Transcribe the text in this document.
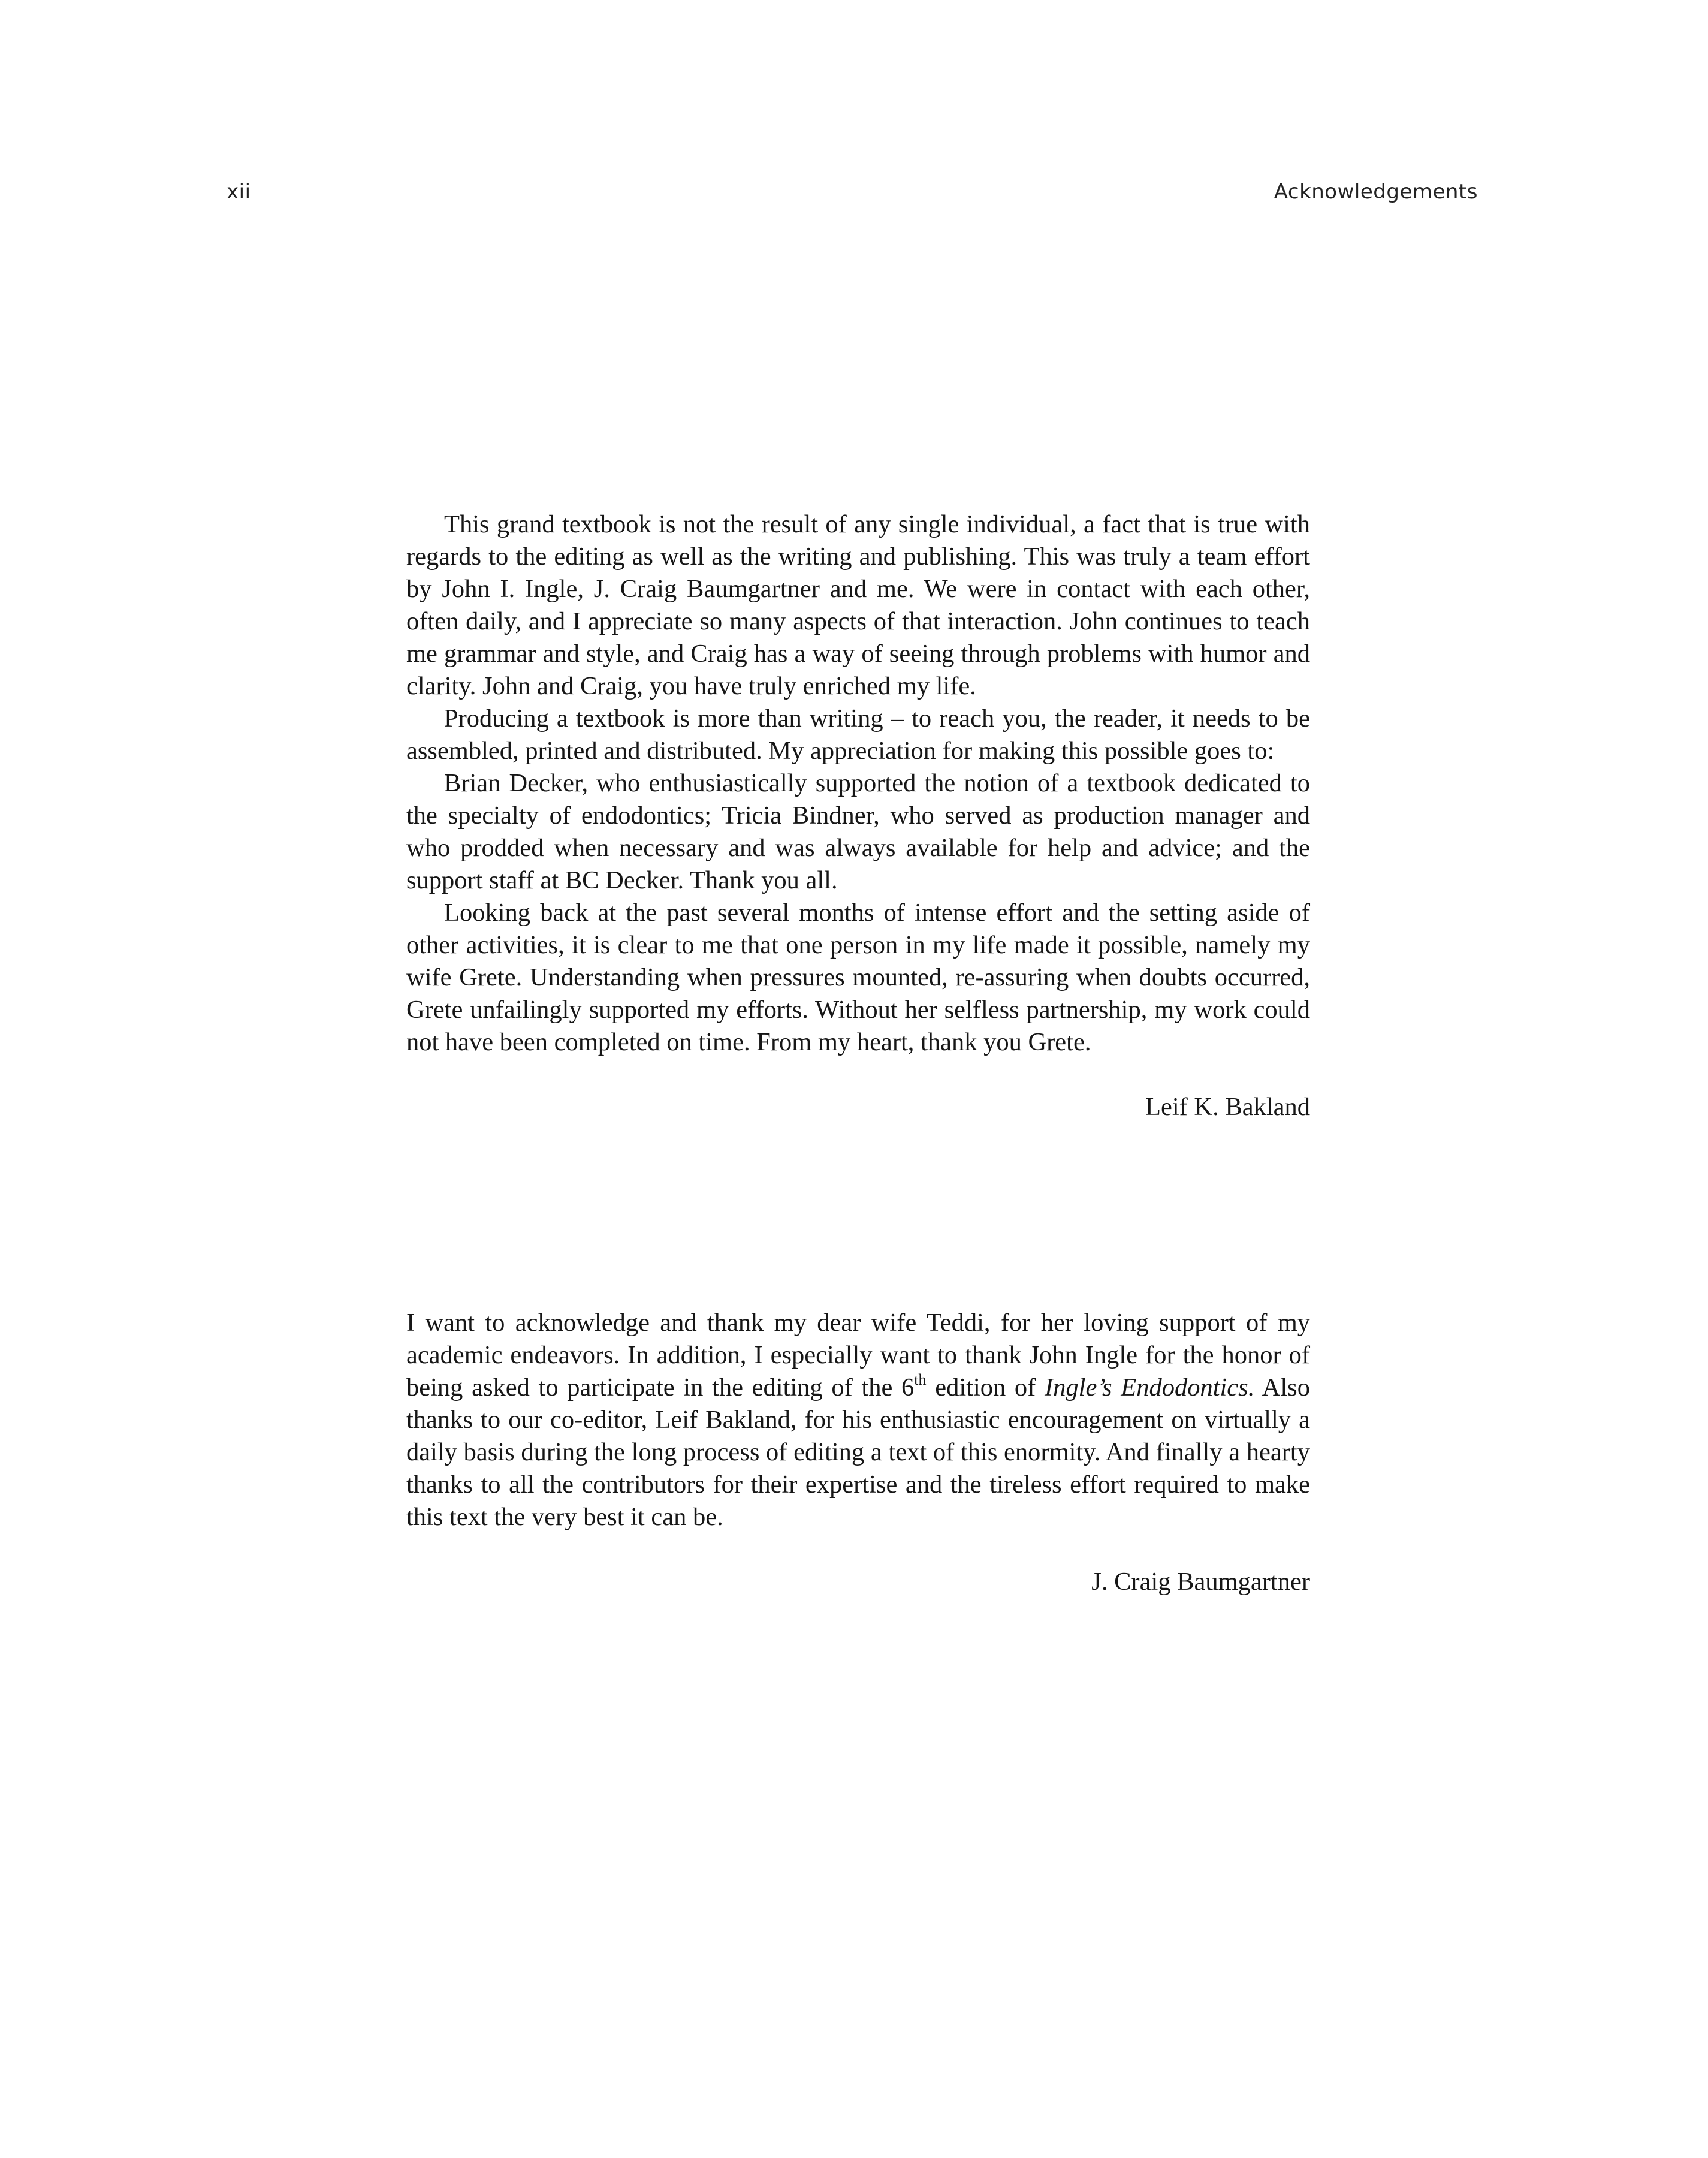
xii	Acknowledgements

This grand textbook is not the result of any single individual, a fact that is true with regards to the editing as well as the writing and publishing. This was truly a team effort by John I. Ingle, J. Craig Baumgartner and me. We were in contact with each other, often daily, and I appreciate so many aspects of that interaction. John continues to teach me grammar and style, and Craig has a way of seeing through problems with humor and clarity. John and Craig, you have truly enriched my life.

Producing a textbook is more than writing – to reach you, the reader, it needs to be assembled, printed and distributed. My appreciation for making this possible goes to:

Brian Decker, who enthusiastically supported the notion of a textbook dedicated to the specialty of endodontics; Tricia Bindner, who served as production manager and who prodded when necessary and was always available for help and advice; and the support staff at BC Decker. Thank you all.

Looking back at the past several months of intense effort and the setting aside of other activities, it is clear to me that one person in my life made it possible, namely my wife Grete. Understanding when pressures mounted, re-assuring when doubts occurred, Grete unfailingly supported my efforts. Without her selfless partnership, my work could not have been completed on time. From my heart, thank you Grete.

Leif K. Bakland

I want to acknowledge and thank my dear wife Teddi, for her loving support of my academic endeavors. In addition, I especially want to thank John Ingle for the honor of being asked to participate in the editing of the 6th edition of Ingle’s Endodontics. Also thanks to our co-editor, Leif Bakland, for his enthusiastic encouragement on virtually a daily basis during the long process of editing a text of this enormity. And finally a hearty thanks to all the contributors for their expertise and the tireless effort required to make this text the very best it can be.

J. Craig Baumgartner
